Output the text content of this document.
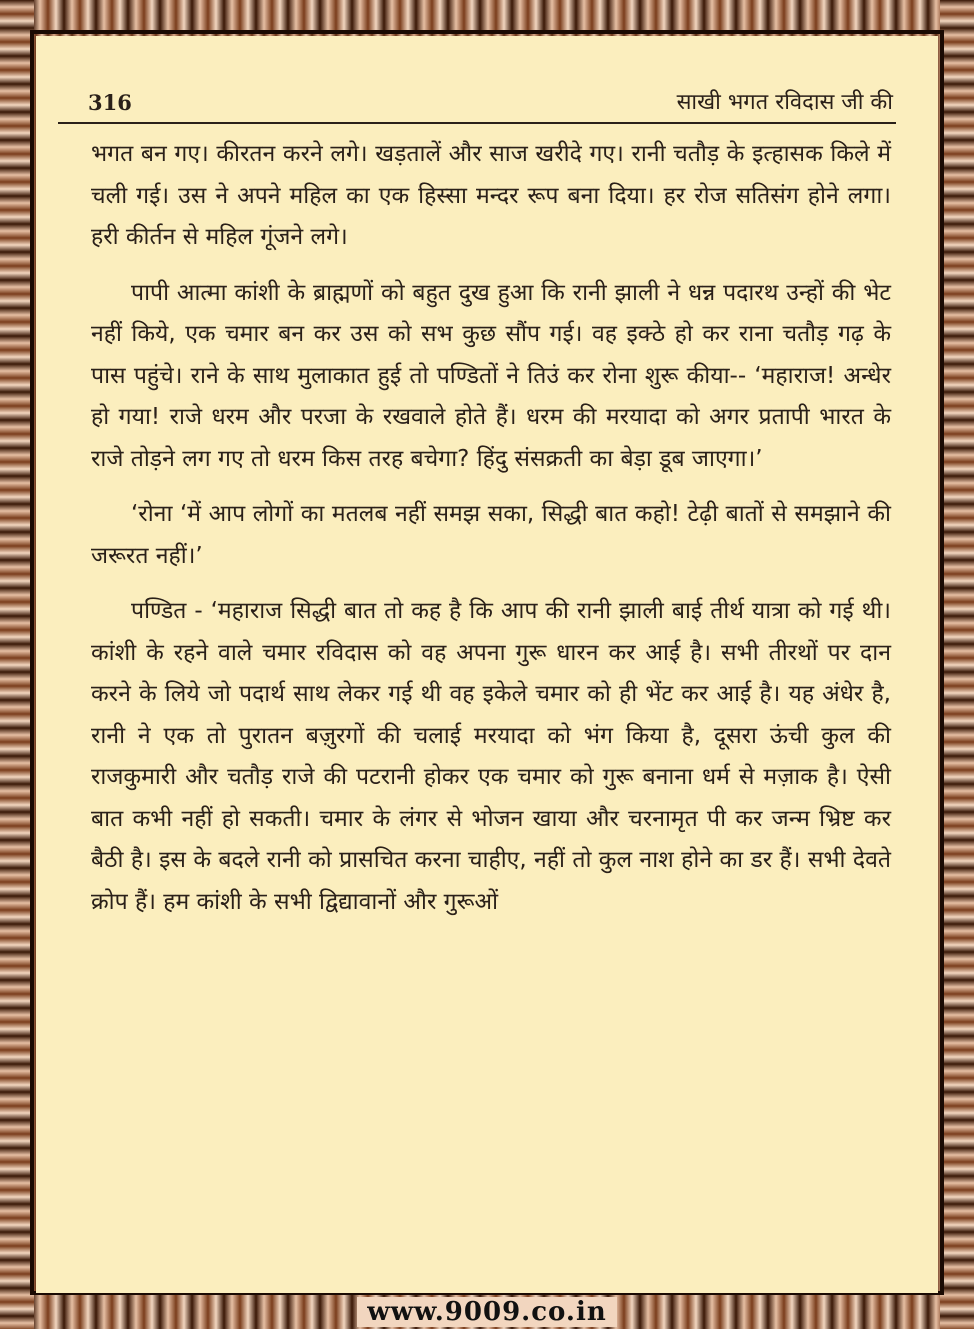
316	साखी भगत रविदास जी की

भगत बन गए। कीरतन करने लगे। खड़तालें और साज खरीदे गए। रानी चतौड़ के इत्हासक किले में चली गई। उस ने अपने महिल का एक हिस्सा मन्दर रूप बना दिया। हर रोज सतिसंग होने लगा। हरी कीर्तन से महिल गूंजने लगे।

पापी आत्मा कांशी के ब्राह्मणों को बहुत दुख हुआ कि रानी झाली ने धन्न पदारथ उन्हों की भेट नहीं किये, एक चमार बन कर उस को सभ कुछ सौंप गई। वह इक्ठे हो कर राना चतौड़ गढ़ के पास पहुंचे। राने के साथ मुलाकात हुई तो पण्डितों ने तिउं कर रोना शुरू कीया-- ‘महाराज! अन्धेर हो गया! राजे धरम और परजा के रखवाले होते हैं। धरम की मरयादा को अगर प्रतापी भारत के राजे तोड़ने लग गए तो धरम किस तरह बचेगा? हिंदु संसक्रती का बेड़ा डूब जाएगा।’

‘रोना ‘में आप लोगों का मतलब नहीं समझ सका, सिद्धी बात कहो! टेढ़ी बातों से समझाने की जरूरत नहीं।’

पण्डित - ‘महाराज सिद्धी बात तो कह है कि आप की रानी झाली बाई तीर्थ यात्रा को गई थी। कांशी के रहने वाले चमार रविदास को वह अपना गुरू धारन कर आई है। सभी तीरथों पर दान करने के लिये जो पदार्थ साथ लेकर गई थी वह इकेले चमार को ही भेंट कर आई है। यह अंधेर है, रानी ने एक तो पुरातन बज़ुरगों की चलाई मरयादा को भंग किया है, दूसरा ऊंची कुल की राजकुमारी और चतौड़ राजे की पटरानी होकर एक चमार को गुरू बनाना धर्म से मज़ाक है। ऐसी बात कभी नहीं हो सकती। चमार के लंगर से भोजन खाया और चरनामृत पी कर जन्म भ्रिष्ट कर बैठी है। इस के बदले रानी को प्रासचित करना चाहीए, नहीं तो कुल नाश होने का डर हैं। सभी देवते क्रोप हैं। हम कांशी के सभी द्विद्यावानों और गुरूओं

www.9009.co.in
